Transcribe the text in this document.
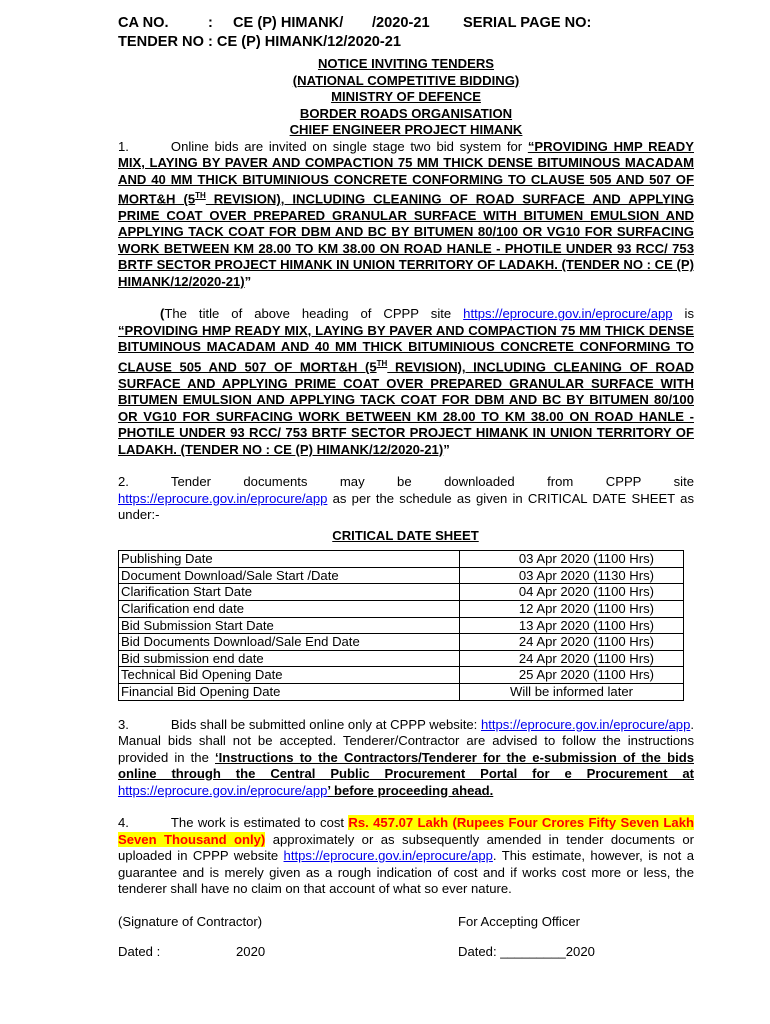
CA NO.	: CE (P) HIMANK/ /2020-21 SERIAL PAGE NO:
TENDER NO : CE (P) HIMANK/12/2020-21
NOTICE INVITING TENDERS
(NATIONAL COMPETITIVE BIDDING)
MINISTRY OF DEFENCE
BORDER ROADS ORGANISATION
CHIEF ENGINEER PROJECT HIMANK
1.	Online bids are invited on single stage two bid system for “PROVIDING HMP READY MIX, LAYING BY PAVER AND COMPACTION 75 MM THICK DENSE BITUMINOUS MACADAM AND 40 MM THICK BITUMINIOUS CONCRETE CONFORMING TO CLAUSE 505 AND 507 OF MORT&H (5TH REVISION), INCLUDING CLEANING OF ROAD SURFACE AND APPLYING PRIME COAT OVER PREPARED GRANULAR SURFACE WITH BITUMEN EMULSION AND APPLYING TACK COAT FOR DBM AND BC BY BITUMEN 80/100 OR VG10 FOR SURFACING WORK BETWEEN KM 28.00 TO KM 38.00 ON ROAD HANLE - PHOTILE UNDER 93 RCC/ 753 BRTF SECTOR PROJECT HIMANK IN UNION TERRITORY OF LADAKH. (TENDER NO : CE (P) HIMANK/12/2020-21)”
(The title of above heading of CPPP site https://eprocure.gov.in/eprocure/app is “PROVIDING HMP READY MIX, LAYING BY PAVER AND COMPACTION 75 MM THICK DENSE BITUMINOUS MACADAM AND 40 MM THICK BITUMINIOUS CONCRETE CONFORMING TO CLAUSE 505 AND 507 OF MORT&H (5TH REVISION), INCLUDING CLEANING OF ROAD SURFACE AND APPLYING PRIME COAT OVER PREPARED GRANULAR SURFACE WITH BITUMEN EMULSION AND APPLYING TACK COAT FOR DBM AND BC BY BITUMEN 80/100 OR VG10 FOR SURFACING WORK BETWEEN KM 28.00 TO KM 38.00 ON ROAD HANLE - PHOTILE UNDER 93 RCC/ 753 BRTF SECTOR PROJECT HIMANK IN UNION TERRITORY OF LADAKH. (TENDER NO : CE (P) HIMANK/12/2020-21)”
2.	Tender documents may be downloaded from CPPP site https://eprocure.gov.in/eprocure/app as per the schedule as given in CRITICAL DATE SHEET as under:-
CRITICAL DATE SHEET
Publishing Date	03 Apr 2020 (1100 Hrs)
Document Download/Sale Start /Date	03 Apr 2020 (1130 Hrs)
Clarification Start Date	04 Apr 2020 (1100 Hrs)
Clarification end date	12 Apr 2020 (1100 Hrs)
Bid Submission Start Date	13 Apr 2020 (1100 Hrs)
Bid Documents Download/Sale End Date	24 Apr 2020 (1100 Hrs)
Bid submission end date	24 Apr 2020 (1100 Hrs)
Technical Bid Opening Date	25 Apr 2020 (1100 Hrs)
Financial Bid Opening Date	Will be informed later
3.	Bids shall be submitted online only at CPPP website: https://eprocure.gov.in/eprocure/app. Manual bids shall not be accepted. Tenderer/Contractor are advised to follow the instructions provided in the ‘Instructions to the Contractors/Tenderer for the e-submission of the bids online through the Central Public Procurement Portal for e Procurement at https://eprocure.gov.in/eprocure/app’ before proceeding ahead.
4.	The work is estimated to cost Rs. 457.07 Lakh (Rupees Four Crores Fifty Seven Lakh Seven Thousand only) approximately or as subsequently amended in tender documents or uploaded in CPPP website https://eprocure.gov.in/eprocure/app. This estimate, however, is not a guarantee and is merely given as a rough indication of cost and if works cost more or less, the tenderer shall have no claim on that account of what so ever nature.
(Signature of Contractor)	For Accepting Officer
Dated :	2020	Dated: _________2020
